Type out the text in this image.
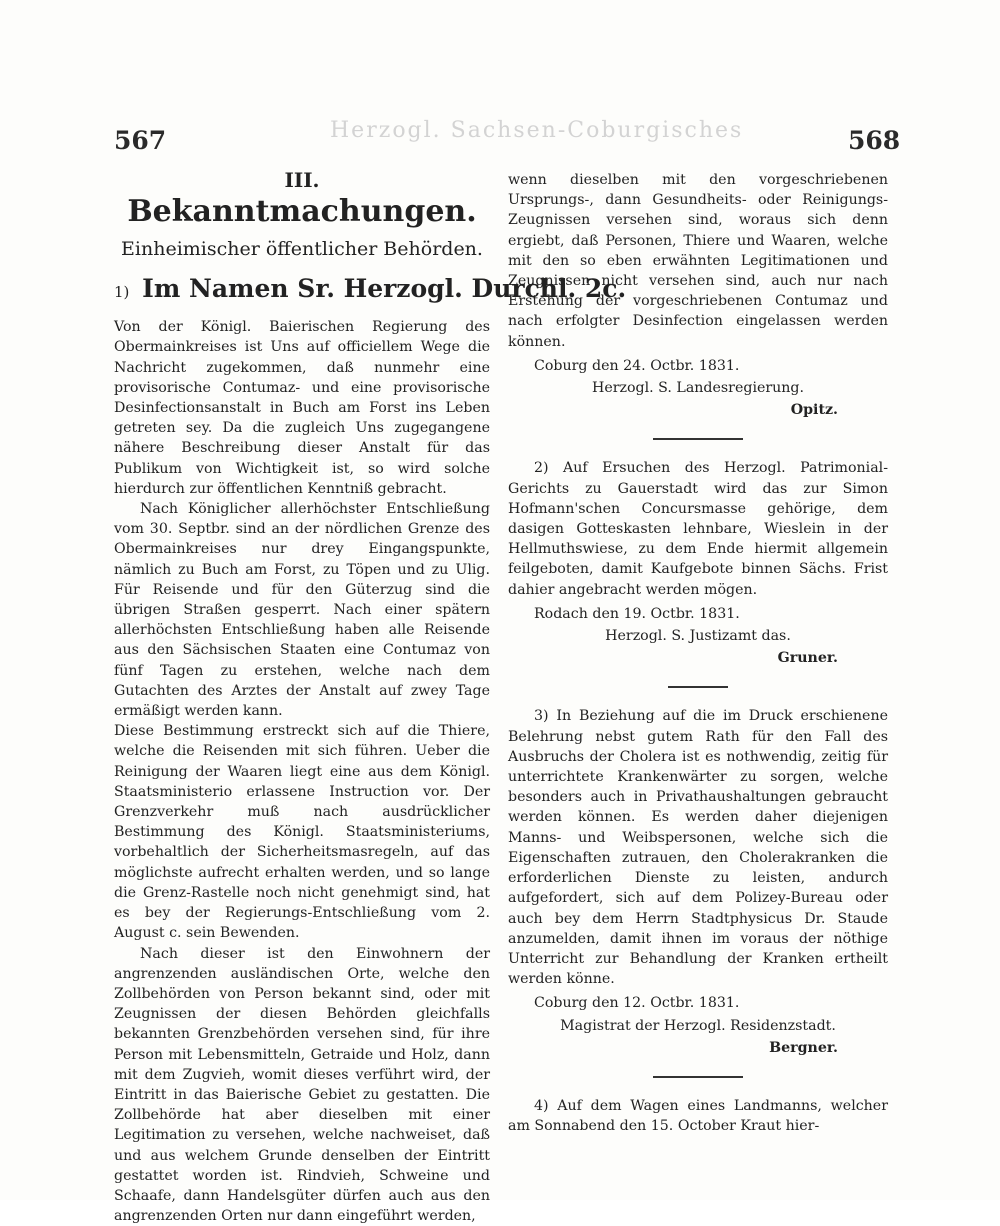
Herzogl. Sachsen-Coburgisches
567	568
III.
Bekanntmachungen.
Einheimischer öffentlicher Behörden.
1) Im Namen Sr. Herzogl. Durchl. 2c.

Von der Königl. Baierischen Regierung des Obermainkreises ist Uns auf officiellem Wege die Nachricht zugekommen, daß nunmehr eine provisorische Contumaz- und eine provisorische Desinfectionsanstalt in Buch am Forst ins Leben getreten sey. Da die zugleich Uns zugegangene nähere Beschreibung dieser Anstalt für das Publikum von Wichtigkeit ist, so wird solche hierdurch zur öffentlichen Kenntniß gebracht.

Nach Königlicher allerhöchster Entschließung vom 30. Septbr. sind an der nördlichen Grenze des Obermainkreises nur drey Eingangspunkte, nämlich zu Buch am Forst, zu Töpen und zu Ulig. Für Reisende und für den Güterzug sind die übrigen Straßen gesperrt. Nach einer spätern allerhöchsten Entschließung haben alle Reisende aus den Sächsischen Staaten eine Contumaz von fünf Tagen zu erstehen, welche nach dem Gutachten des Arztes der Anstalt auf zwey Tage ermäßigt werden kann.

Diese Bestimmung erstreckt sich auf die Thiere, welche die Reisenden mit sich führen. Ueber die Reinigung der Waaren liegt eine aus dem Königl. Staatsministerio erlassene Instruction vor. Der Grenzverkehr muß nach ausdrücklicher Bestimmung des Königl. Staatsministeriums, vorbehaltlich der Sicherheitsmasregeln, auf das möglichste aufrecht erhalten werden, und so lange die Grenz-Rastelle noch nicht genehmigt sind, hat es bey der Regierungs-Entschließung vom 2. August c. sein Bewenden.

Nach dieser ist den Einwohnern der angrenzenden ausländischen Orte, welche den Zollbehörden von Person bekannt sind, oder mit Zeugnissen der diesen Behörden gleichfalls bekannten Grenzbehörden versehen sind, für ihre Person mit Lebensmitteln, Getraide und Holz, dann mit dem Zugvieh, womit dieses verführt wird, der Eintritt in das Baierische Gebiet zu gestatten. Die Zollbehörde hat aber dieselben mit einer Legitimation zu versehen, welche nachweiset, daß und aus welchem Grunde denselben der Eintritt gestattet worden ist. Rindvieh, Schweine und Schaafe, dann Handelsgüter dürfen auch aus den angrenzenden Orten nur dann eingeführt werden,

wenn dieselben mit den vorgeschriebenen Ursprungs-, dann Gesundheits- oder Reinigungs-Zeugnissen versehen sind, woraus sich denn ergiebt, daß Personen, Thiere und Waaren, welche mit den so eben erwähnten Legitimationen und Zeugnissen nicht versehen sind, auch nur nach Erstehung der vorgeschriebenen Contumaz und nach erfolgter Desinfection eingelassen werden können.

Coburg den 24. Octbr. 1831.
Herzogl. S. Landesregierung.
Opitz.

2) Auf Ersuchen des Herzogl. Patrimonial-Gerichts zu Gauerstadt wird das zur Simon Hofmann'schen Concursmasse gehörige, dem dasigen Gotteskasten lehnbare, Wieslein in der Hellmuthswiese, zu dem Ende hiermit allgemein feilgeboten, damit Kaufgebote binnen Sächs. Frist dahier angebracht werden mögen.

Rodach den 19. Octbr. 1831.
Herzogl. S. Justizamt das.
Gruner.

3) In Beziehung auf die im Druck erschienene Belehrung nebst gutem Rath für den Fall des Ausbruchs der Cholera ist es nothwendig, zeitig für unterrichtete Krankenwärter zu sorgen, welche besonders auch in Privathaushaltungen gebraucht werden können. Es werden daher diejenigen Manns- und Weibspersonen, welche sich die Eigenschaften zutrauen, den Cholerakranken die erforderlichen Dienste zu leisten, andurch aufgefordert, sich auf dem Polizey-Bureau oder auch bey dem Herrn Stadtphysicus Dr. Staude anzumelden, damit ihnen im voraus der nöthige Unterricht zur Behandlung der Kranken ertheilt werden könne.

Coburg den 12. Octbr. 1831.
Magistrat der Herzogl. Residenzstadt.
Bergner.

4) Auf dem Wagen eines Landmanns, welcher am Sonnabend den 15. October Kraut hier-
